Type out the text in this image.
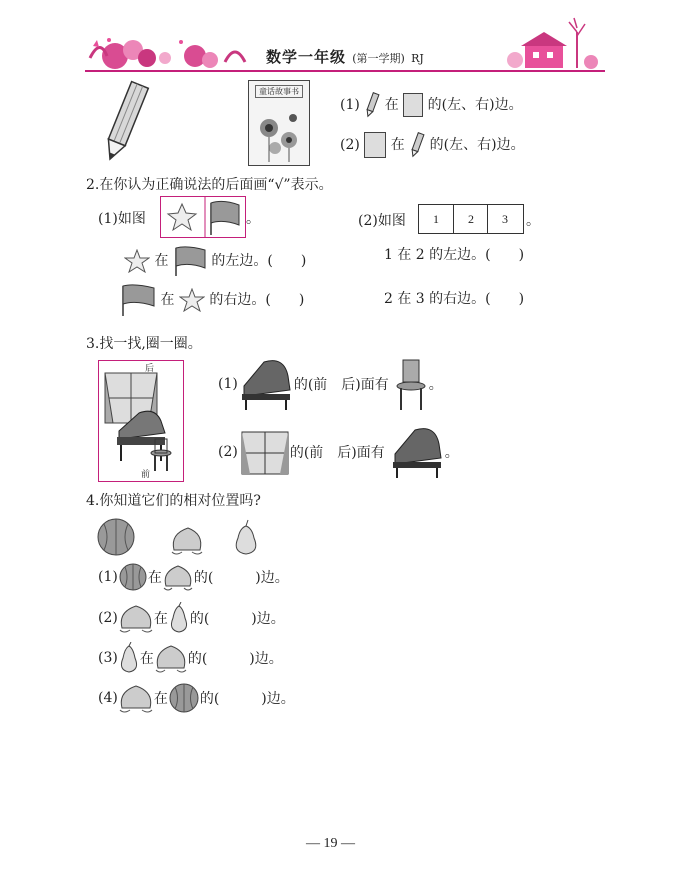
数学一年级 (第一学期) RJ
童话故事书
(1) 在 的(左、右)边。
(2) 在 的(左、右)边。
2.在你认为正确说法的后面画“√”表示。
(1)如图	。
在	的左边。(　　)
在 的右边。(　　)
(2)如图	1	2	3	。
1 在 2 的左边。(　　)
2 在 3 的右边。(　　)
3.找一找,圈一圈。
后
前
(1)	的(前　后)面有	。
(2)	的(前　后)面有	。
4.你知道它们的相对位置吗?
(1) 在 的(　　　)边。
(2)	在 的(　　　)边。
(3) 在 的(　　　)边。
(4)	在 的(　　　)边。
— 19 —
